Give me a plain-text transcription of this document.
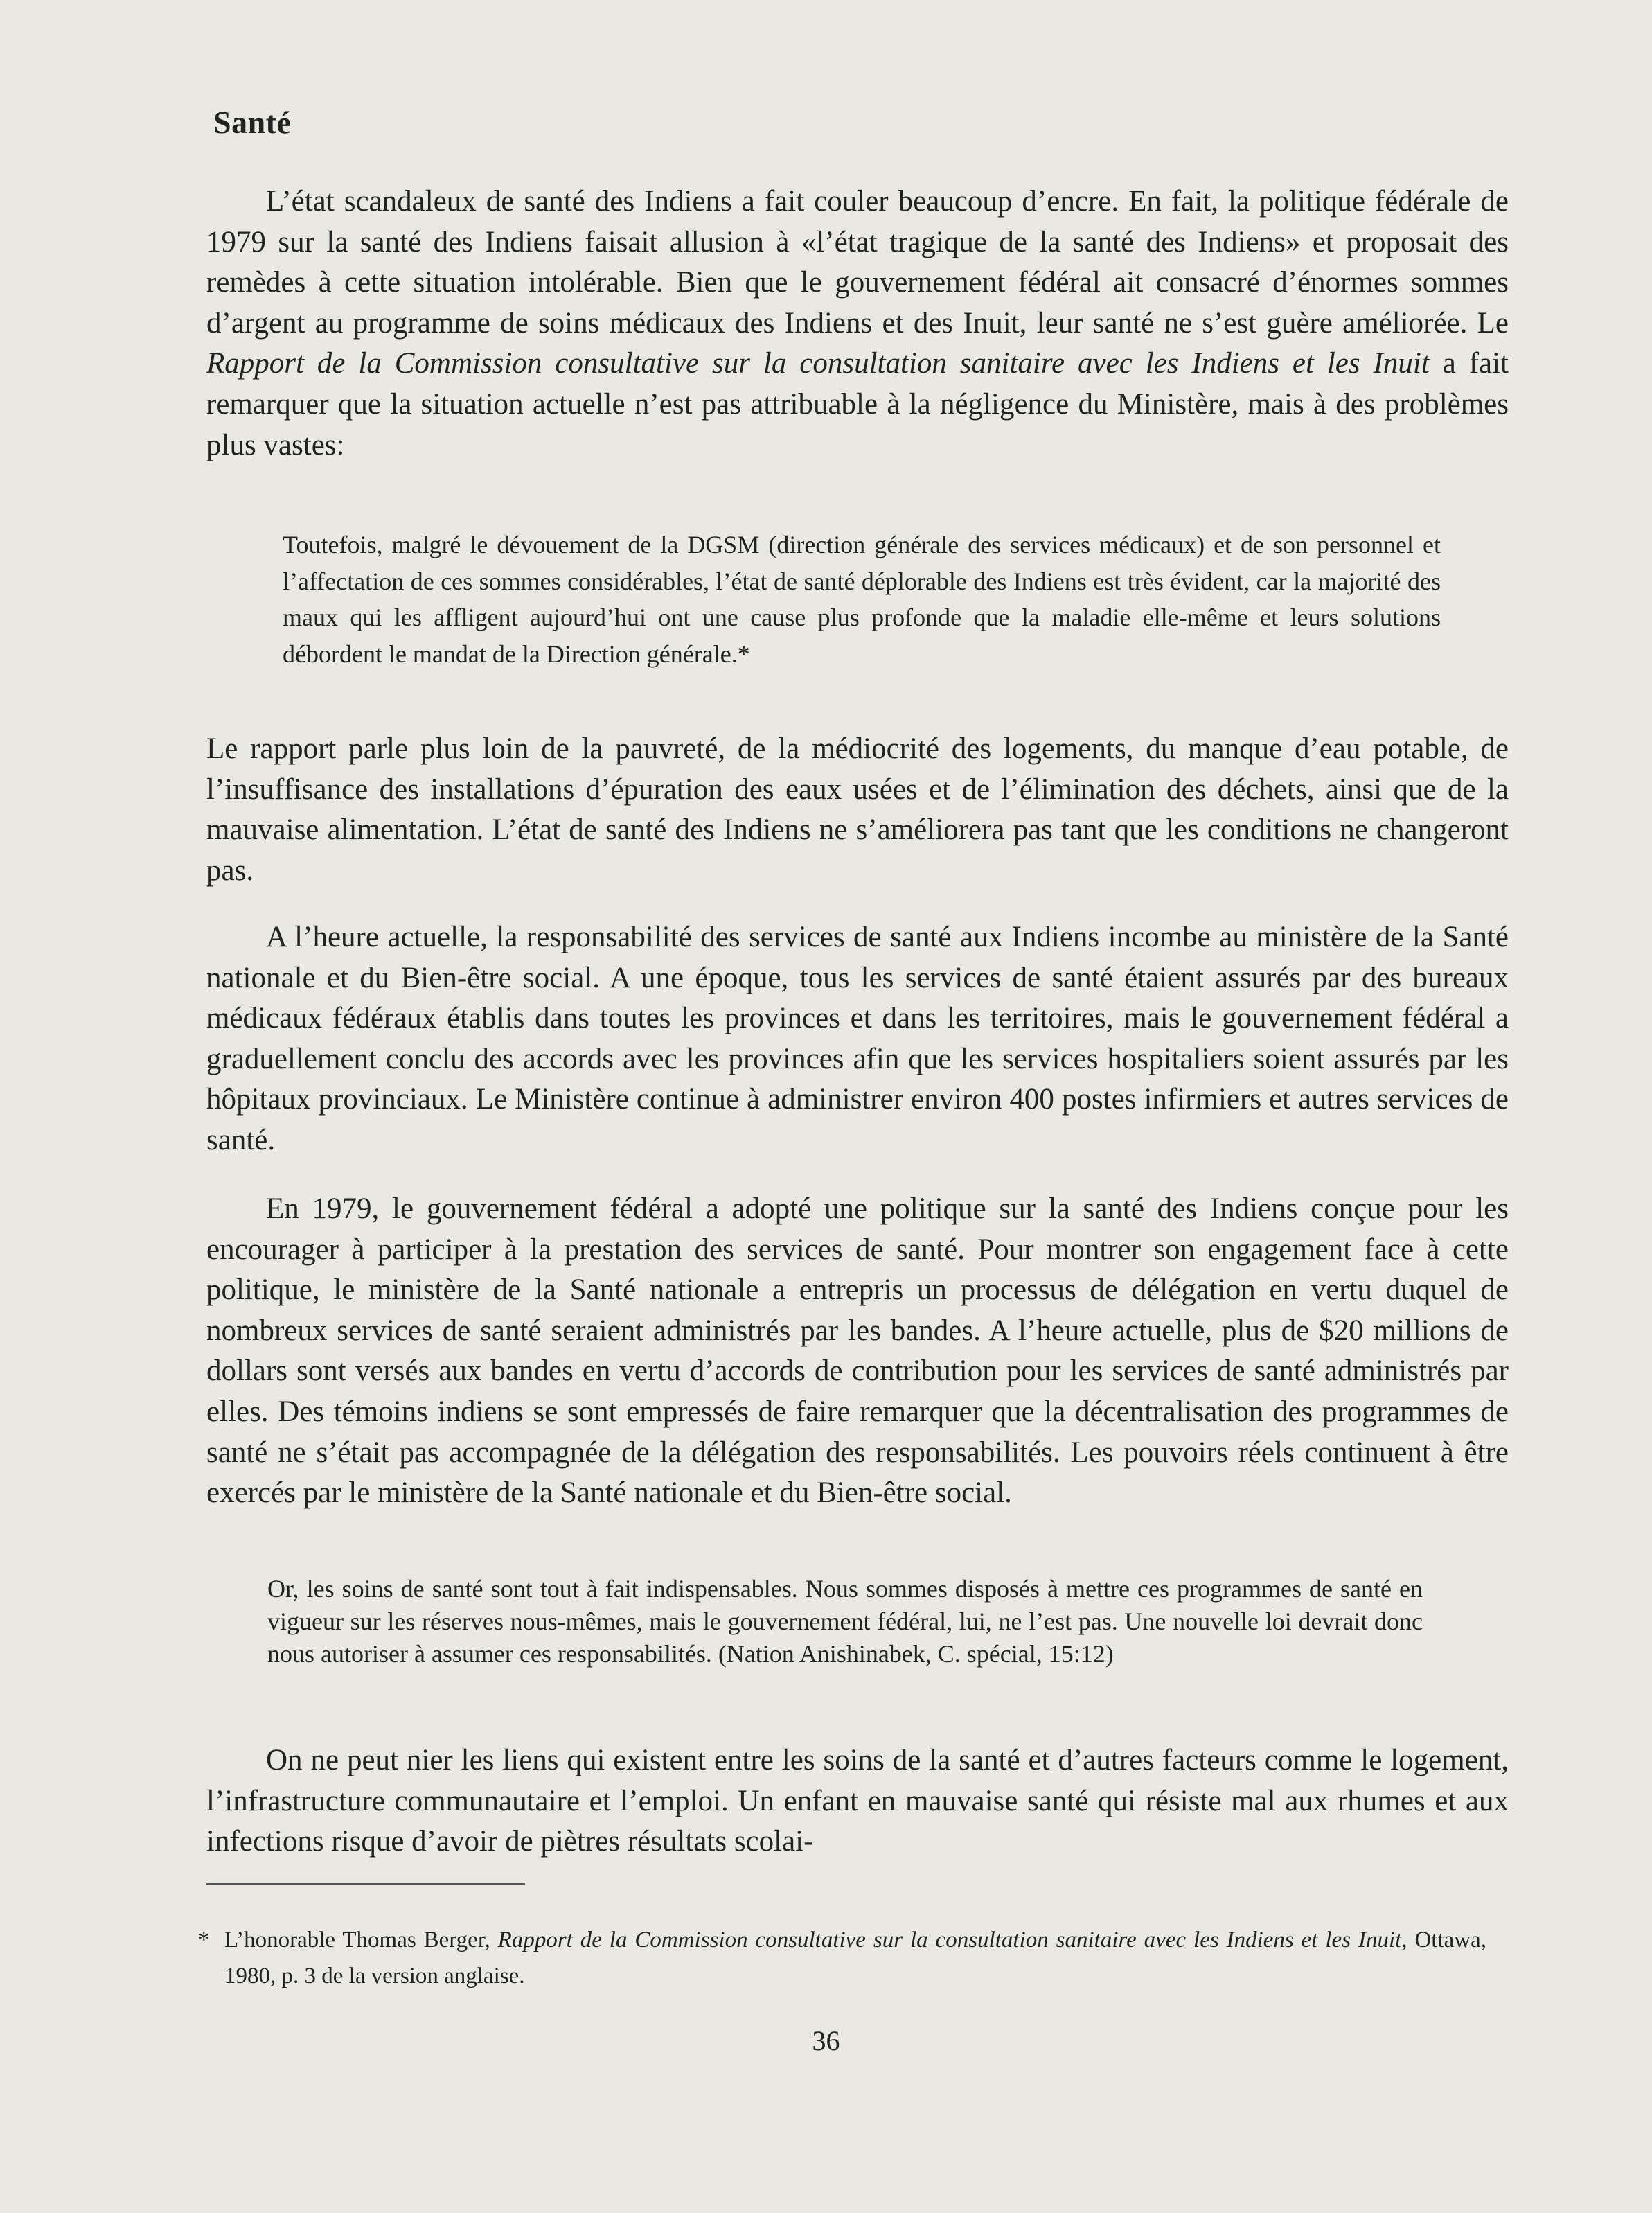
Santé

L’état scandaleux de santé des Indiens a fait couler beaucoup d’encre. En fait, la politique fédérale de 1979 sur la santé des Indiens faisait allusion à «l’état tragique de la santé des Indiens» et proposait des remèdes à cette situation intolérable. Bien que le gouvernement fédéral ait consacré d’énormes sommes d’argent au programme de soins médicaux des Indiens et des Inuit, leur santé ne s’est guère améliorée. Le Rapport de la Commission consultative sur la consultation sanitaire avec les Indiens et les Inuit a fait remarquer que la situation actuelle n’est pas attribuable à la négligence du Ministère, mais à des problèmes plus vastes:

Toutefois, malgré le dévouement de la DGSM (direction générale des services médicaux) et de son personnel et l’affectation de ces sommes considérables, l’état de santé déplorable des Indiens est très évident, car la majorité des maux qui les affligent aujourd’hui ont une cause plus profonde que la maladie elle-même et leurs solutions débordent le mandat de la Direction générale.*

Le rapport parle plus loin de la pauvreté, de la médiocrité des logements, du manque d’eau potable, de l’insuffisance des installations d’épuration des eaux usées et de l’élimination des déchets, ainsi que de la mauvaise alimentation. L’état de santé des Indiens ne s’améliorera pas tant que les conditions ne changeront pas.

A l’heure actuelle, la responsabilité des services de santé aux Indiens incombe au ministère de la Santé nationale et du Bien-être social. A une époque, tous les services de santé étaient assurés par des bureaux médicaux fédéraux établis dans toutes les provinces et dans les territoires, mais le gouvernement fédéral a graduellement conclu des accords avec les provinces afin que les services hospitaliers soient assurés par les hôpitaux provinciaux. Le Ministère continue à administrer environ 400 postes infirmiers et autres services de santé.

En 1979, le gouvernement fédéral a adopté une politique sur la santé des Indiens conçue pour les encourager à participer à la prestation des services de santé. Pour montrer son engagement face à cette politique, le ministère de la Santé nationale a entrepris un processus de délégation en vertu duquel de nombreux services de santé seraient administrés par les bandes. A l’heure actuelle, plus de $20 millions de dollars sont versés aux bandes en vertu d’accords de contribution pour les services de santé administrés par elles. Des témoins indiens se sont empressés de faire remarquer que la décentralisation des programmes de santé ne s’était pas accompagnée de la délégation des responsabilités. Les pouvoirs réels continuent à être exercés par le ministère de la Santé nationale et du Bien-être social.

Or, les soins de santé sont tout à fait indispensables. Nous sommes disposés à mettre ces programmes de santé en vigueur sur les réserves nous-mêmes, mais le gouvernement fédéral, lui, ne l’est pas. Une nouvelle loi devrait donc nous autoriser à assumer ces responsabilités. (Nation Anishinabek, C. spécial, 15:12)

On ne peut nier les liens qui existent entre les soins de la santé et d’autres facteurs comme le logement, l’infrastructure communautaire et l’emploi. Un enfant en mauvaise santé qui résiste mal aux rhumes et aux infections risque d’avoir de piètres résultats scolai-

* L’honorable Thomas Berger, Rapport de la Commission consultative sur la consultation sanitaire avec les Indiens et les Inuit, Ottawa, 1980, p. 3 de la version anglaise.
36
